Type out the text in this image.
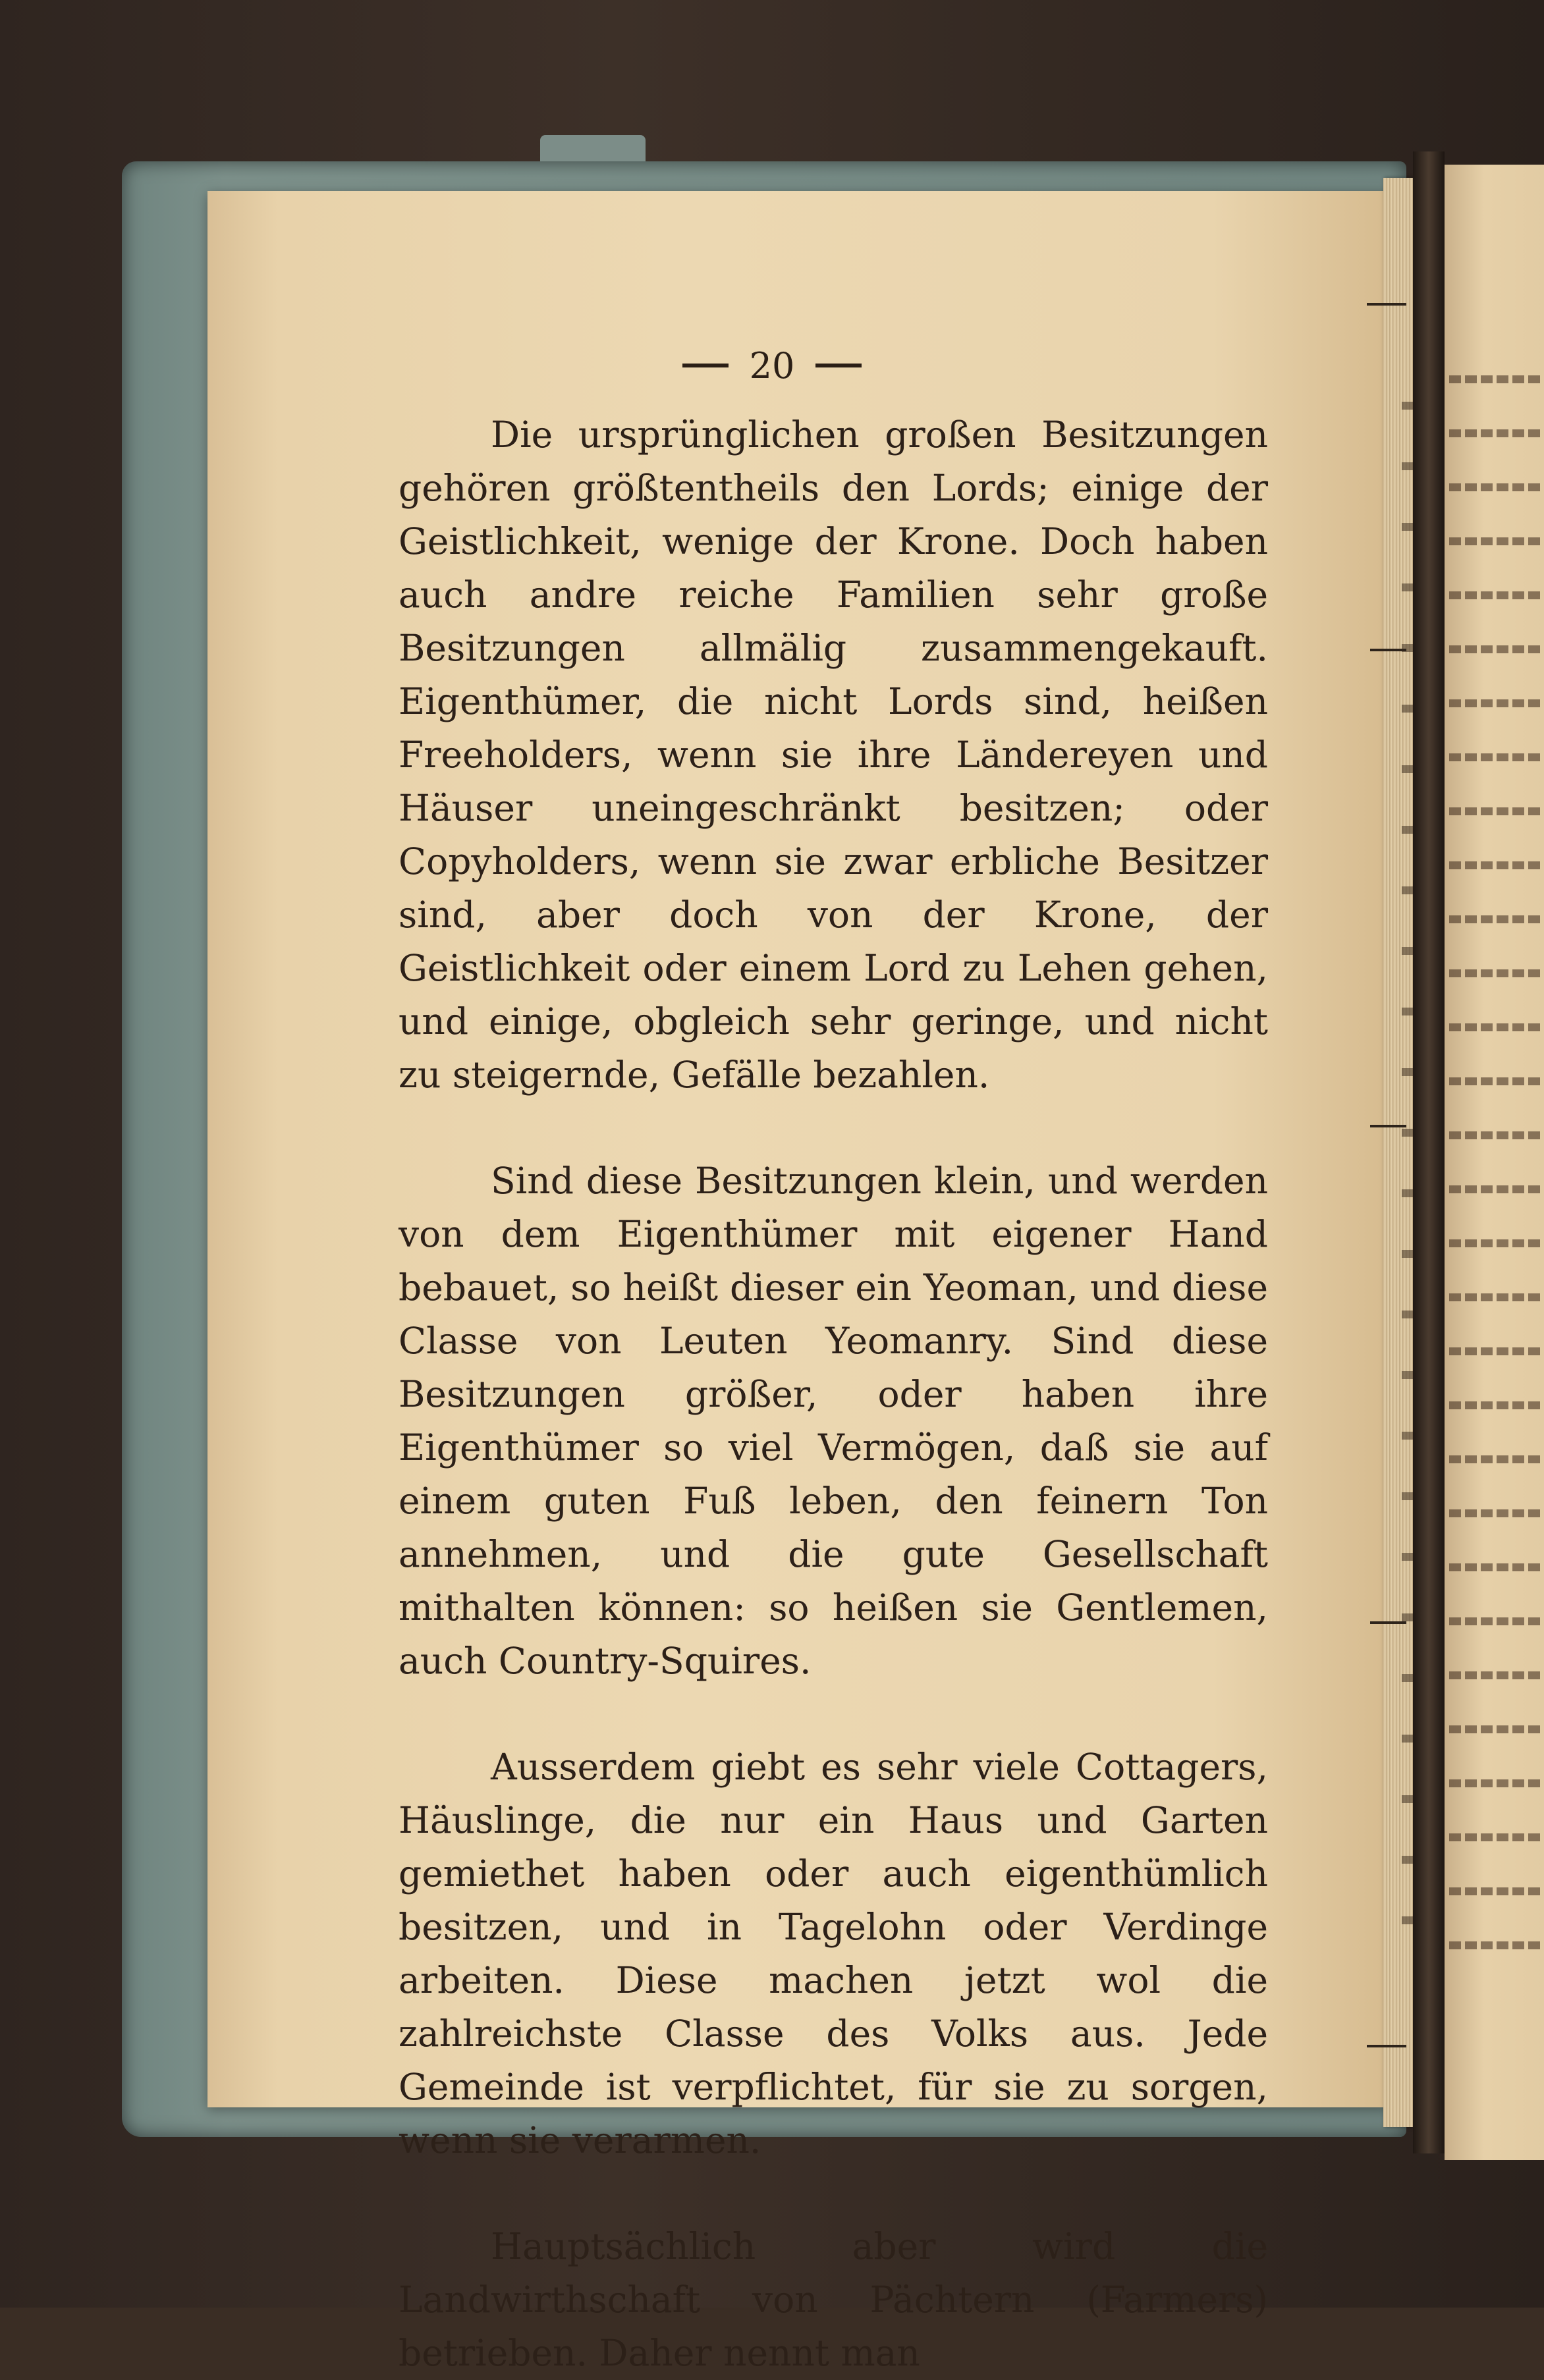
20

Die ursprünglichen großen Besitzungen gehören größtentheils den Lords; einige der Geistlichkeit, wenige der Krone. Doch haben auch andre reiche Familien sehr große Besitzungen allmälig zusammengekauft. Eigenthümer, die nicht Lords sind, heißen Freeholders, wenn sie ihre Ländereyen und Häuser uneingeschränkt besitzen; oder Copyholders, wenn sie zwar erbliche Besitzer sind, aber doch von der Krone, der Geistlichkeit oder einem Lord zu Lehen gehen, und einige, obgleich sehr geringe, und nicht zu steigernde, Gefälle bezahlen.

Sind diese Besitzungen klein, und werden von dem Eigenthümer mit eigener Hand bebauet, so heißt dieser ein Yeoman, und diese Classe von Leuten Yeomanry. Sind diese Besitzungen größer, oder haben ihre Eigenthümer so viel Vermögen, daß sie auf einem guten Fuß leben, den feinern Ton annehmen, und die gute Gesellschaft mithalten können: so heißen sie Gentlemen, auch Country-Squires.

Ausserdem giebt es sehr viele Cottagers, Häuslinge, die nur ein Haus und Garten gemiethet haben oder auch eigenthümlich besitzen, und in Tagelohn oder Verdinge arbeiten. Diese machen jetzt wol die zahlreichste Classe des Volks aus. Jede Gemeinde ist verpflichtet, für sie zu sorgen, wenn sie verarmen.

Hauptsächlich aber wird die Landwirthschaft von Pächtern (Farmers) betrieben. Daher nennt man
